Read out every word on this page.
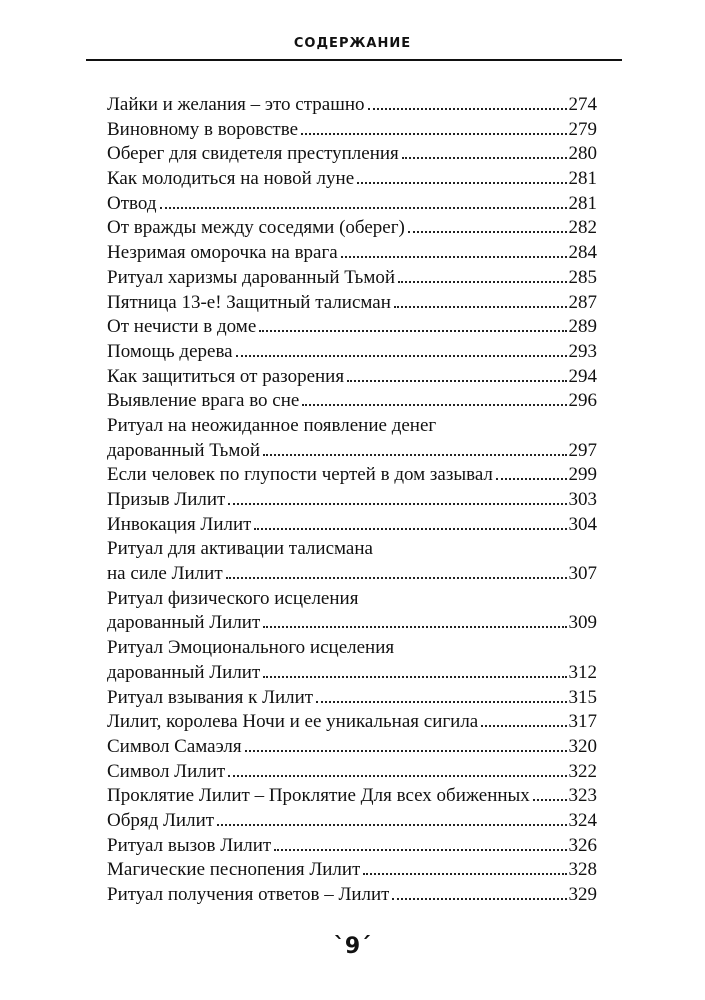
СОДЕРЖАНИЕ
Лайки и желания – это страшно	274
Виновному в воровстве	279
Оберег для свидетеля преступления	280
Как молодиться на новой луне	281
Отвод	281
От вражды между соседями (оберег)	282
Незримая оморочка на врага	284
Ритуал харизмы дарованный Тьмой	285
Пятница 13-е! Защитный талисман	287
От нечисти в доме	289
Помощь дерева	293
Как защититься от разорения	294
Выявление врага во сне	296
Ритуал на неожиданное появление денег
дарованный Тьмой	297
Если человек по глупости чертей в дом зазывал	299
Призыв Лилит	303
Инвокация Лилит	304
Ритуал для активации талисмана
на силе Лилит	307
Ритуал физического исцеления
дарованный Лилит	309
Ритуал Эмоционального исцеления
дарованный Лилит	312
Ритуал взывания к Лилит	315
Лилит, королева Ночи и ее уникальная сигила	317
Символ Самаэля	320
Символ Лилит	322
Проклятие Лилит – Проклятие Для всех обиженных 323
Обряд Лилит	324
Ритуал вызов Лилит	326
Магические песнопения Лилит	328
Ритуал получения ответов – Лилит	329
`9´
